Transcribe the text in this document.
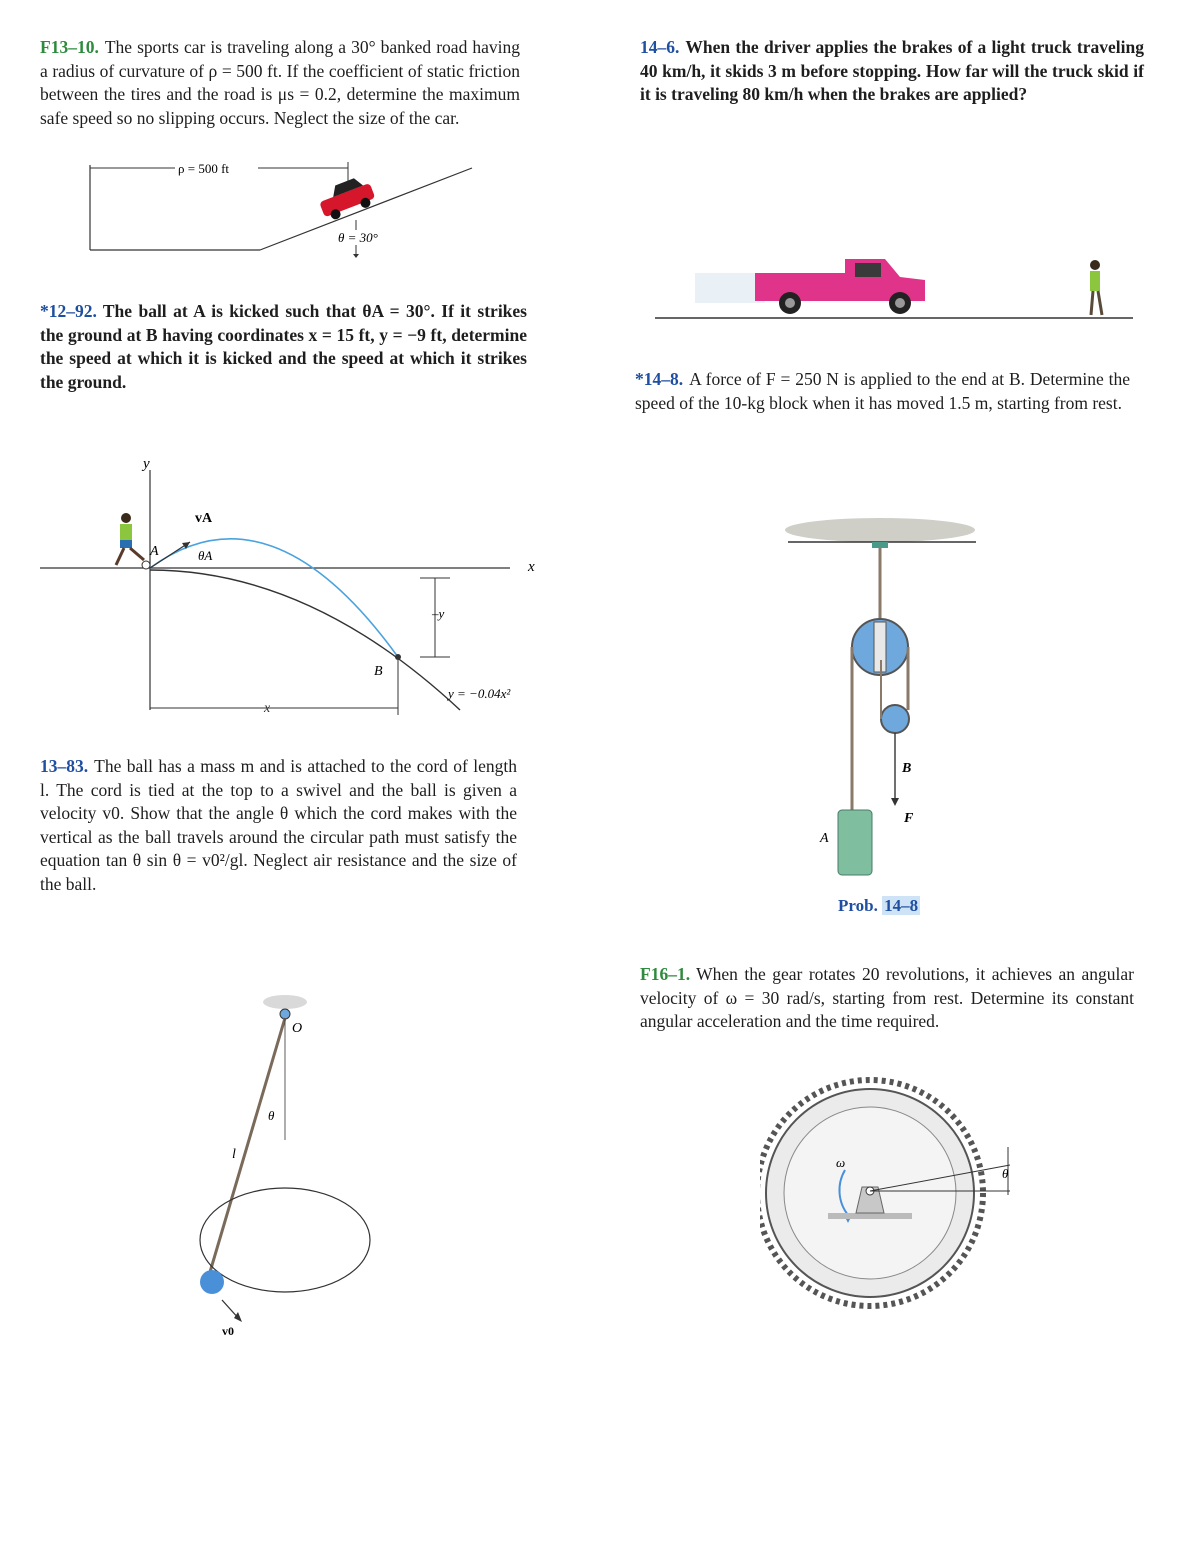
F13–10. The sports car is traveling along a 30° banked road having a radius of curvature of ρ = 500 ft. If the coefficient of static friction between the tires and the road is μs = 0.2, determine the maximum safe speed so no slipping occurs. Neglect the size of the car.

ρ = 500 ft
θ = 30°

*12–92. The ball at A is kicked such that θA = 30°. If it strikes the ground at B having coordinates x = 15 ft, y = −9 ft, determine the speed at which it is kicked and the speed at which it strikes the ground.

y
x
vA
θA
A
–y
B
x
y = −0.04x²

13–83. The ball has a mass m and is attached to the cord of length l. The cord is tied at the top to a swivel and the ball is given a velocity v0. Show that the angle θ which the cord makes with the vertical as the ball travels around the circular path must satisfy the equation tan θ sin θ = v0²/gl. Neglect air resistance and the size of the ball.

O
θ
l
v0

14–6. When the driver applies the brakes of a light truck traveling 40 km/h, it skids 3 m before stopping. How far will the truck skid if it is traveling 80 km/h when the brakes are applied?

*14–8. A force of F = 250 N is applied to the end at B. Determine the speed of the 10-kg block when it has moved 1.5 m, starting from rest.

B
F
A
Prob. 14–8

F16–1. When the gear rotates 20 revolutions, it achieves an angular velocity of ω = 30 rad/s, starting from rest. Determine its constant angular acceleration and the time required.

ω
θ
